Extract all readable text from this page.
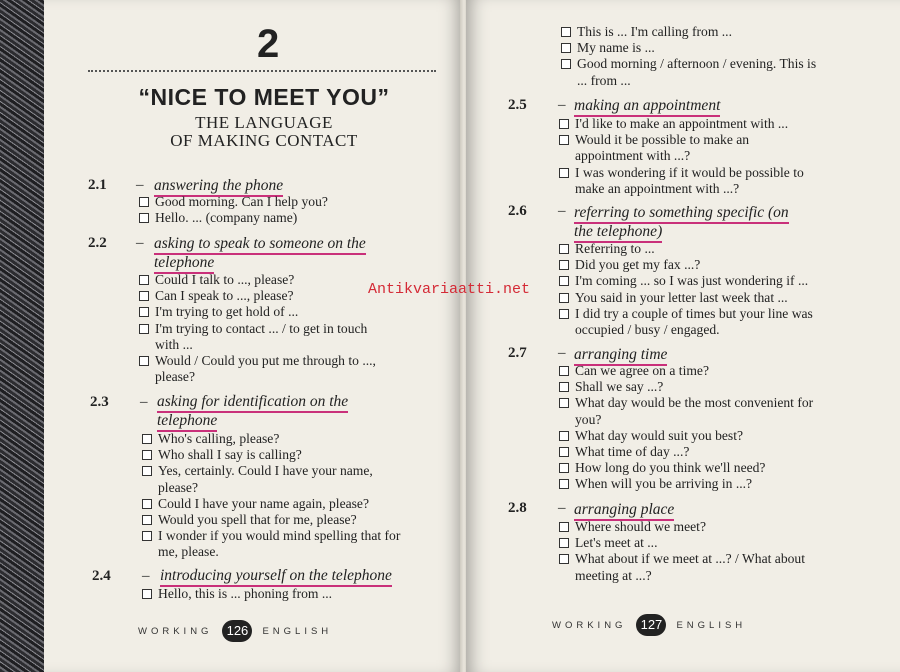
2
“NICE TO MEET YOU”
THE LANGUAGE
OF MAKING CONTACT
2.1 – answering the phone
Good morning. Can I help you?
Hello. ... (company name)
2.2 – asking to speak to someone on the
telephone
Could I talk to ..., please?
Can I speak to ..., please?
I'm trying to get hold of ...
I'm trying to contact ... / to get in touch
with ...
Would / Could you put me through to ...,
please?
2.3 – asking for identification on the
telephone
Who's calling, please?
Who shall I say is calling?
Yes, certainly. Could I have your name,
please?
Could I have your name again, please?
Would you spell that for me, please?
I wonder if you would mind spelling that for
me, please.
2.4 – introducing yourself on the telephone
Hello, this is ... phoning from ...
WORKING	126	ENGLISH
This is ... I'm calling from ...
My name is ...
Good morning / afternoon / evening. This is
... from ...
2.5 – making an appointment
I'd like to make an appointment with ...
Would it be possible to make an
appointment with ...?
I was wondering if it would be possible to
make an appointment with ...?
2.6 – referring to something specific (on
the telephone)
Referring to ...
Did you get my fax ...?
I'm coming ... so I was just wondering if ...
You said in your letter last week that ...
I did try a couple of times but your line was
occupied / busy / engaged.
2.7 – arranging time
Can we agree on a time?
Shall we say ...?
What day would be the most convenient for
you?
What day would suit you best?
What time of day ...?
How long do you think we'll need?
When will you be arriving in ...?
2.8 – arranging place
Where should we meet?
Let's meet at ...
What about if we meet at ...? / What about
meeting at ...?
WORKING	127	ENGLISH
Antikvariaatti.net
